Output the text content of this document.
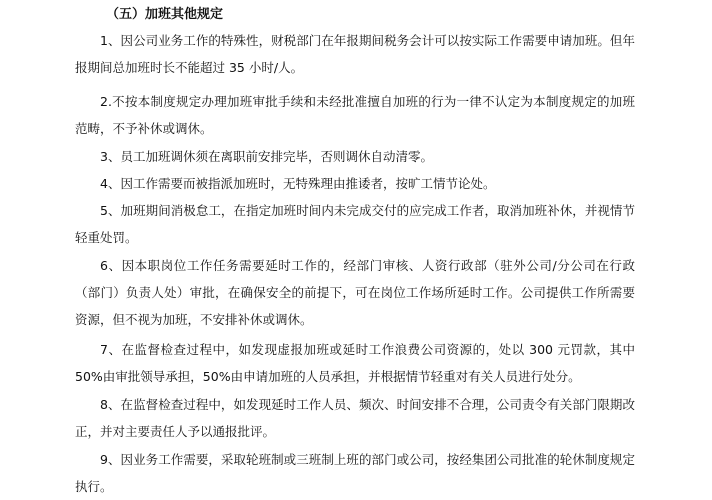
（五）加班其他规定

1、因公司业务工作的特殊性，财税部门在年报期间税务会计可以按实际工作需要申请加班。但年报期间总加班时长不能超过 35 小时/人。

2.不按本制度规定办理加班审批手续和未经批准擅自加班的行为一律不认定为本制度规定的加班范畴，不予补休或调休。

3、员工加班调休须在离职前安排完毕，否则调休自动清零。

4、因工作需要而被指派加班时，无特殊理由推诿者，按旷工情节论处。

5、加班期间消极怠工，在指定加班时间内未完成交付的应完成工作者，取消加班补休，并视情节轻重处罚。

6、因本职岗位工作任务需要延时工作的，经部门审核、人资行政部（驻外公司/分公司在行政（部门）负责人处）审批，在确保安全的前提下，可在岗位工作场所延时工作。公司提供工作所需要资源，但不视为加班，不安排补休或调休。

7、在监督检查过程中，如发现虚报加班或延时工作浪费公司资源的，处以 300 元罚款，其中 50%由审批领导承担，50%由申请加班的人员承担，并根据情节轻重对有关人员进行处分。

8、在监督检查过程中，如发现延时工作人员、频次、时间安排不合理，公司责令有关部门限期改正，并对主要责任人予以通报批评。

9、因业务工作需要，采取轮班制或三班制上班的部门或公司，按经集团公司批准的轮休制度规定执行。
